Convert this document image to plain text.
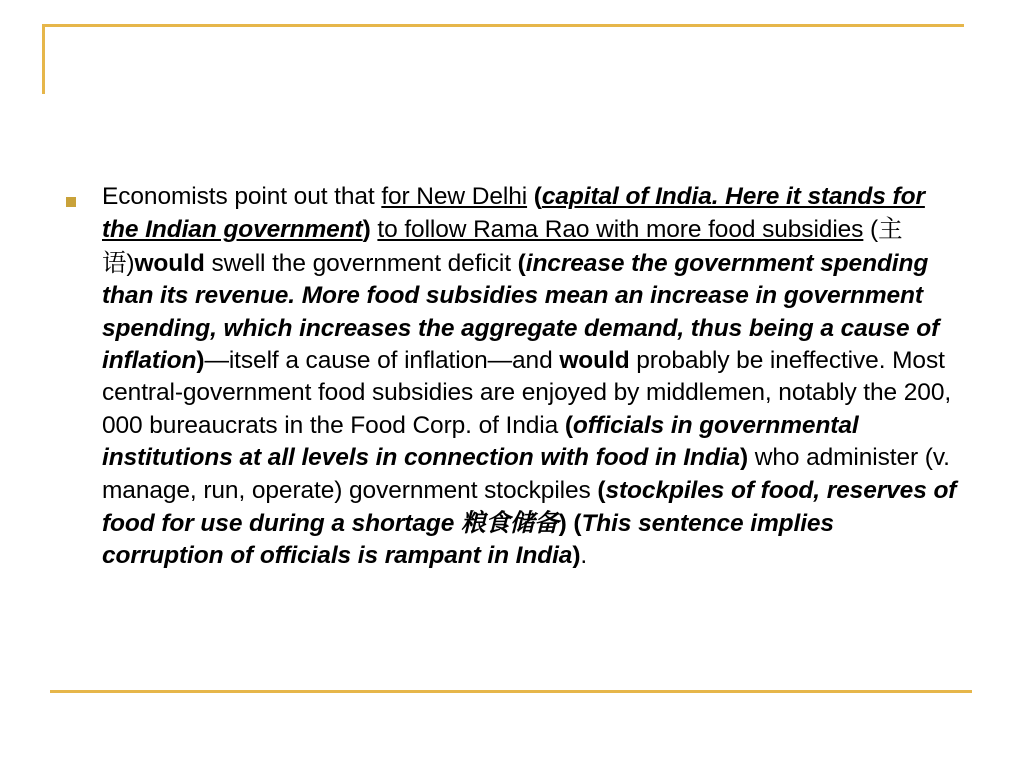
Economists point out that for New Delhi (capital of India. Here it stands for the Indian government) to follow Rama Rao with more food subsidies (主语)would swell the government deficit (increase the government spending than its revenue. More food subsidies mean an increase in government spending, which increases the aggregate demand, thus being a cause of inflation)—itself a cause of inflation—and would probably be ineffective. Most central-government food subsidies are enjoyed by middlemen, notably the 200, 000 bureaucrats in the Food Corp. of India (officials in governmental institutions at all levels in connection with food in India) who administer (v. manage, run, operate) government stockpiles (stockpiles of food, reserves of food for use during a shortage 粮食储备) (This sentence implies corruption of officials is rampant in India).
